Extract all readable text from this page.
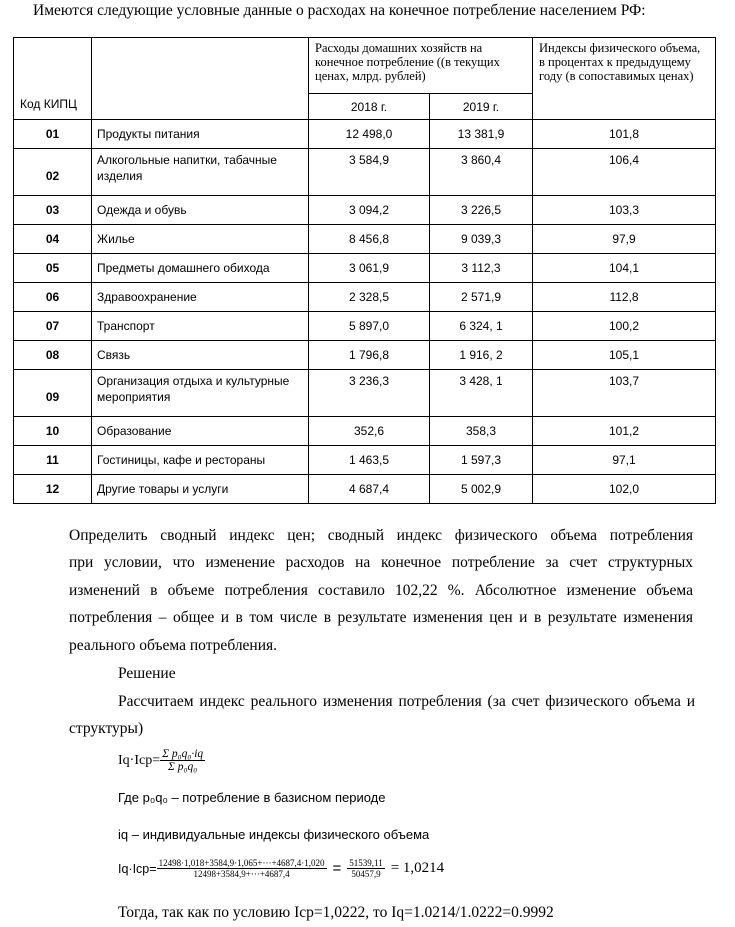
Имеются следующие условные данные о расходах на конечное потребление населением РФ:
Код КИПЦ		Расходы домашних хозяйств на конечное потребление ((в текущих ценах, млрд. рублей)		Индексы физического объема, в процентах к предыдущему году (в сопоставимых ценах)
		2018 г.	2019 г.	
01	Продукты питания	12 498,0	13 381,9	101,8
02	Алкогольные напитки, табачные изделия	3 584,9	3 860,4	106,4
03	Одежда и обувь	3 094,2	3 226,5	103,3
04	Жилье	8 456,8	9 039,3	97,9
05	Предметы домашнего обихода	3 061,9	3 112,3	104,1
06	Здравоохранение	2 328,5	2 571,9	112,8
07	Транспорт	5 897,0	6 324, 1	100,2
08	Связь	1 796,8	1 916, 2	105,1
09	Организация отдыха и культурные мероприятия	3 236,3	3 428, 1	103,7
10	Образование	352,6	358,3	101,2
11	Гостиницы, кафе и рестораны	1 463,5	1 597,3	97,1
12	Другие товары и услуги	4 687,4	5 002,9	102,0
Определить сводный индекс цен; сводный индекс физического объема потребления
при условии, что изменение расходов на конечное потребление за счет структурных
изменений в объеме потребления составило 102,22 %. Абсолютное изменение объема
потребления – общее и в том числе в результате изменения цен и в результате изменения
реального объема потребления.
Решение
Рассчитаем индекс реального изменения потребления (за счет физического объема и
структуры)
$Iq\cdot Icp= \frac{\text{Σ p₀q₀·iq}}{\text{Σ p₀q₀}}$
Где p₀q₀ – потребление в базисном периоде
iq – индивидуальные индексы физического объема
$Iq\cdot Icp= \frac{12498\cdot 1,018+3584,9\cdot 1,065+\cdot\cdot\cdot+4687,4\cdot 1,020}{12498+3584,9+\cdot\cdot\cdot+4687,4} = \frac{51539,11}{50457,9} = 1,0214$
Тогда, так как по условию Icp=1,0222, то Iq=1.0214/1.0222=0.9992
